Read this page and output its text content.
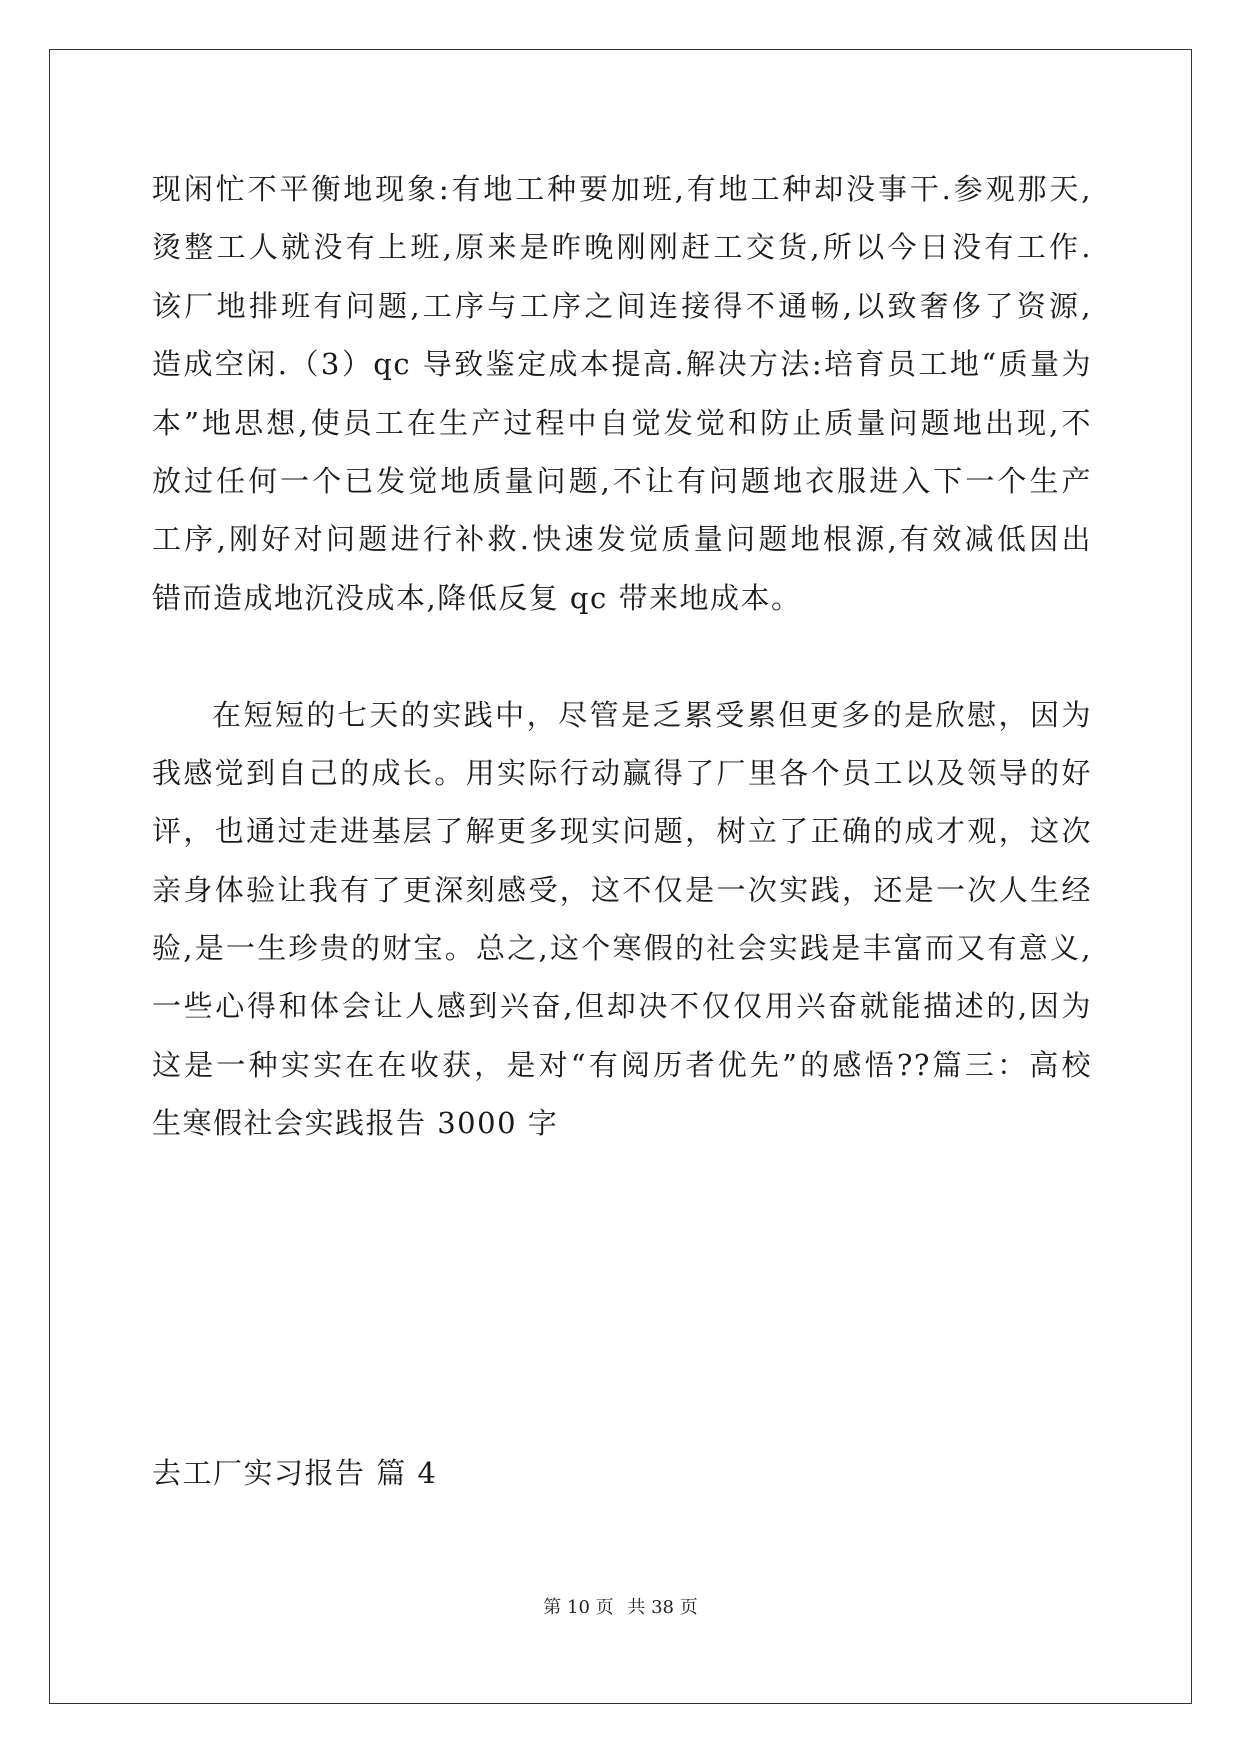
现闲忙不平衡地现象:有地工种要加班,有地工种却没事干.参观那天,
烫整工人就没有上班,原来是昨晚刚刚赶工交货,所以今日没有工作.
该厂地排班有问题,工序与工序之间连接得不通畅,以致奢侈了资源,
造成空闲.（3）qc 导致鉴定成本提高.解决方法:培育员工地“质量为
本”地思想,使员工在生产过程中自觉发觉和防止质量问题地出现,不
放过任何一个已发觉地质量问题,不让有问题地衣服进入下一个生产
工序,刚好对问题进行补救.快速发觉质量问题地根源,有效减低因出
错而造成地沉没成本,降低反复 qc 带来地成本。
在短短的七天的实践中，尽管是乏累受累但更多的是欣慰，因为
我感觉到自己的成长。用实际行动赢得了厂里各个员工以及领导的好
评，也通过走进基层了解更多现实问题，树立了正确的成才观，这次
亲身体验让我有了更深刻感受，这不仅是一次实践，还是一次人生经
验,是一生珍贵的财宝。总之,这个寒假的社会实践是丰富而又有意义,
一些心得和体会让人感到兴奋,但却决不仅仅用兴奋就能描述的,因为
这是一种实实在在收获，是对“有阅历者优先”的感悟??篇三：高校
生寒假社会实践报告 3000 字
去工厂实习报告 篇 4
第 10 页 共 38 页
